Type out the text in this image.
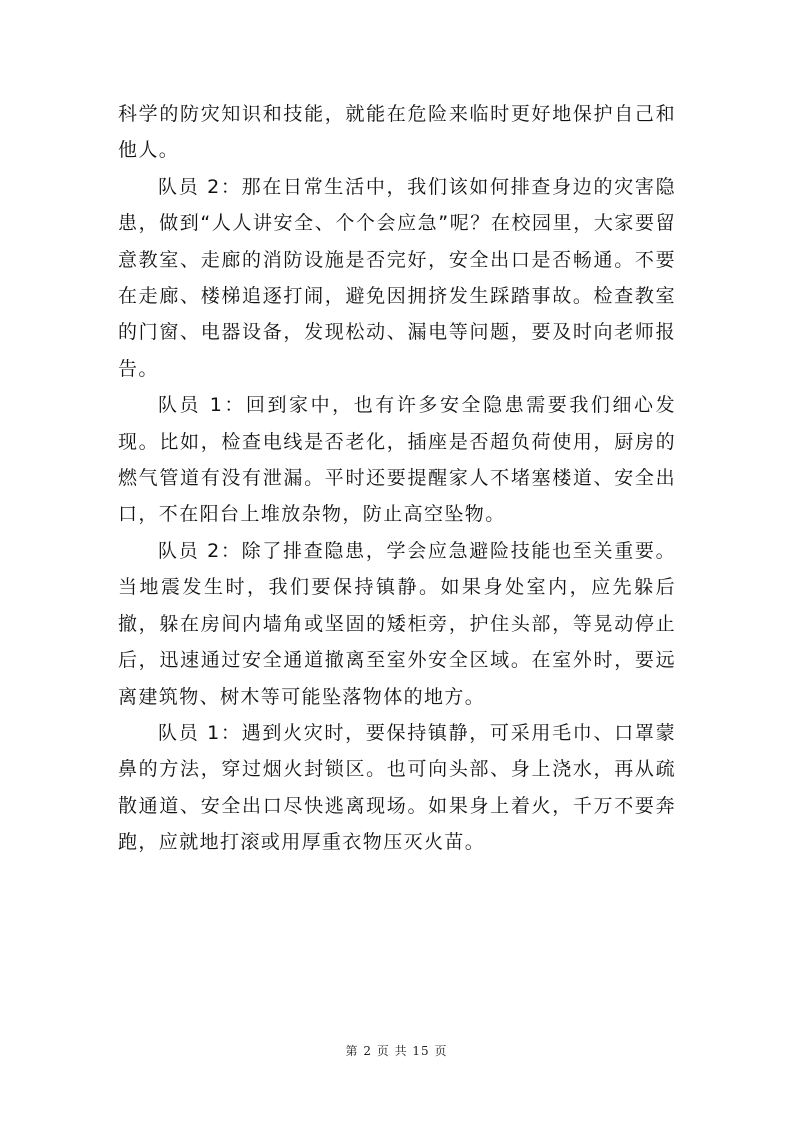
科学的防灾知识和技能，就能在危险来临时更好地保护自己和他人。

队员 2：那在日常生活中，我们该如何排查身边的灾害隐患，做到“人人讲安全、个个会应急”呢？在校园里，大家要留意教室、走廊的消防设施是否完好，安全出口是否畅通。不要在走廊、楼梯追逐打闹，避免因拥挤发生踩踏事故。检查教室的门窗、电器设备，发现松动、漏电等问题，要及时向老师报告。

队员 1：回到家中，也有许多安全隐患需要我们细心发现。比如，检查电线是否老化，插座是否超负荷使用，厨房的燃气管道有没有泄漏。平时还要提醒家人不堵塞楼道、安全出口，不在阳台上堆放杂物，防止高空坠物。

队员 2：除了排查隐患，学会应急避险技能也至关重要。当地震发生时，我们要保持镇静。如果身处室内，应先躲后撤，躲在房间内墙角或坚固的矮柜旁，护住头部，等晃动停止后，迅速通过安全通道撤离至室外安全区域。在室外时，要远离建筑物、树木等可能坠落物体的地方。

队员 1：遇到火灾时，要保持镇静，可采用毛巾、口罩蒙鼻的方法，穿过烟火封锁区。也可向头部、身上浇水，再从疏散通道、安全出口尽快逃离现场。如果身上着火，千万不要奔跑，应就地打滚或用厚重衣物压灭火苗。

第 2 页 共 15 页
